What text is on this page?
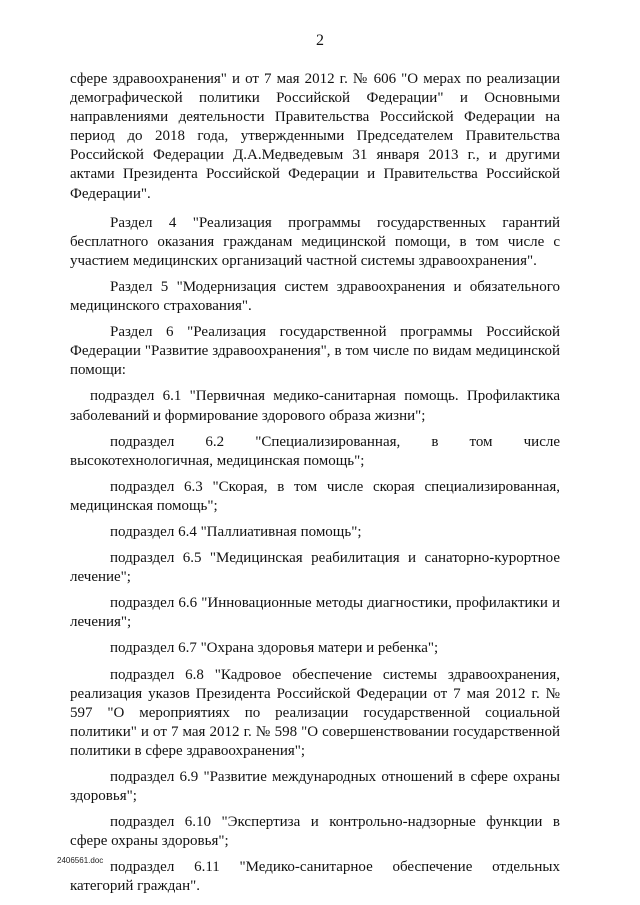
2

сфере здравоохранения" и от 7 мая 2012 г. № 606 "О мерах по реализации демографической политики Российской Федерации" и Основными направлениями деятельности Правительства Российской Федерации на период до 2018 года, утвержденными Председателем Правительства Российской Федерации Д.А.Медведевым 31 января 2013 г., и другими актами Президента Российской Федерации и Правительства Российской Федерации".

Раздел 4 "Реализация программы государственных гарантий бесплатного оказания гражданам медицинской помощи, в том числе с участием медицинских организаций частной системы здравоохранения".

Раздел 5 "Модернизация систем здравоохранения и обязательного медицинского страхования".

Раздел 6 "Реализация государственной программы Российской Федерации "Развитие здравоохранения", в том числе по видам медицинской помощи:

подраздел 6.1 "Первичная медико-санитарная помощь. Профилактика заболеваний и формирование здорового образа жизни";

подраздел 6.2 "Специализированная, в том числе высокотехнологичная, медицинская помощь";

подраздел 6.3 "Скорая, в том числе скорая специализированная, медицинская помощь";

подраздел 6.4 "Паллиативная помощь";

подраздел 6.5 "Медицинская реабилитация и санаторно-курортное лечение";

подраздел 6.6 "Инновационные методы диагностики, профилактики и лечения";

подраздел 6.7 "Охрана здоровья матери и ребенка";

подраздел 6.8 "Кадровое обеспечение системы здравоохранения, реализация указов Президента Российской Федерации от 7 мая 2012 г. № 597 "О мероприятиях по реализации государственной социальной политики" и от 7 мая 2012 г. № 598 "О совершенствовании государственной политики в сфере здравоохранения";

подраздел 6.9 "Развитие международных отношений в сфере охраны здоровья";

подраздел 6.10 "Экспертиза и контрольно-надзорные функции в сфере охраны здоровья";

подраздел 6.11 "Медико-санитарное обеспечение отдельных категорий граждан".

2406561.doc
